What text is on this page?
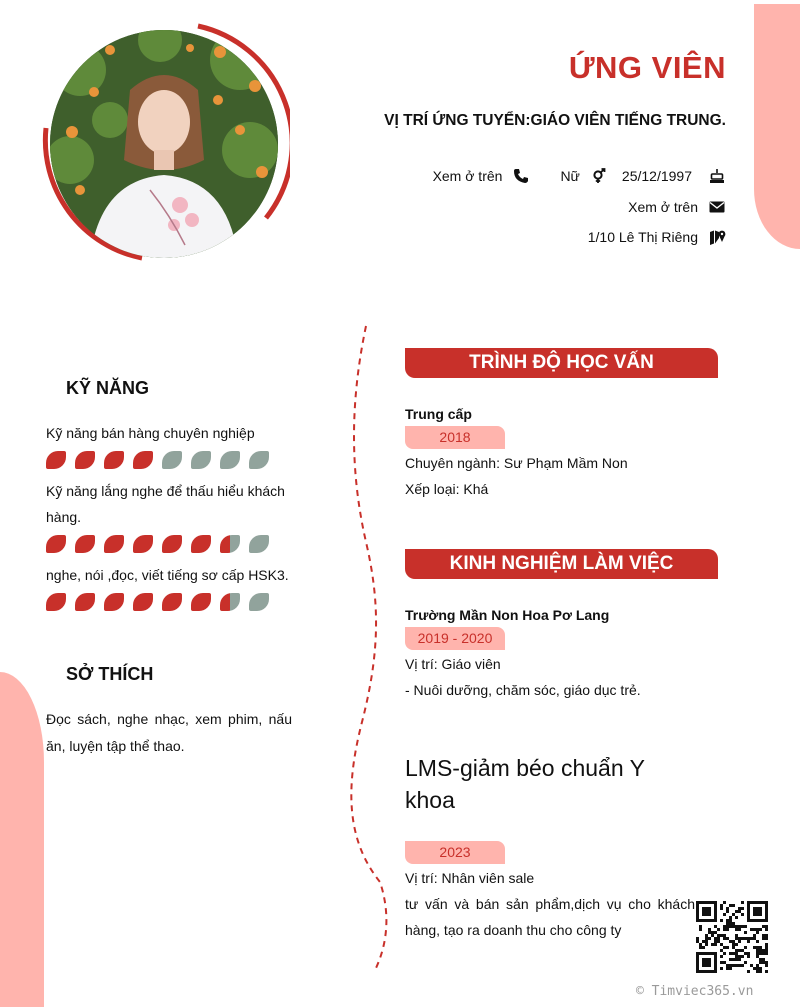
ỨNG VIÊN
VỊ TRÍ ỨNG TUYỂN:GIÁO VIÊN TIẾNG TRUNG.
Xem ở trên	Nữ	25/12/1997
Xem ở trên
1/10 Lê Thị Riêng
KỸ NĂNG
Kỹ năng bán hàng chuyên nghiệp
Kỹ năng lắng nghe để thấu hiểu khách hàng.
nghe, nói ,đọc, viết tiếng sơ cấp HSK3.
SỞ THÍCH
Đọc sách, nghe nhạc, xem phim, nấu ăn, luyện tập thể thao.
TRÌNH ĐỘ HỌC VẤN
Trung cấp
2018
Chuyên ngành: Sư Phạm Mầm Non
Xếp loại: Khá
KINH NGHIỆM LÀM VIỆC
Trường Mần Non Hoa Pơ Lang
2019 - 2020
Vị trí: Giáo viên
- Nuôi dưỡng, chăm sóc, giáo dục trẻ.
LMS-giảm béo chuẩn Y khoa
2023
Vị trí: Nhân viên sale
tư vấn và bán sản phẩm,dịch vụ cho khách hàng, tạo ra doanh thu cho công ty
© Timviec365.vn
